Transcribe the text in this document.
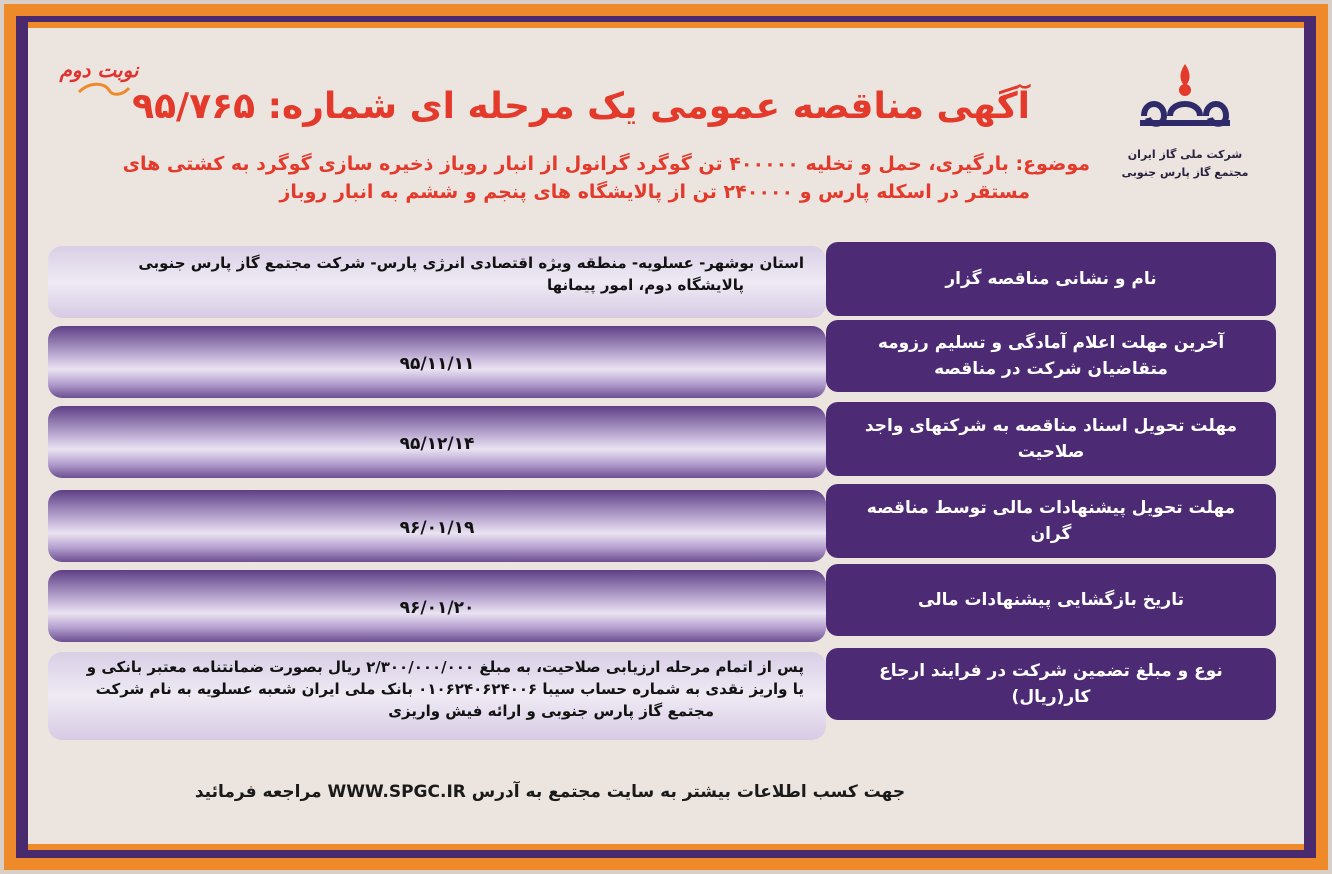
نوبت دوم
شرکت ملی گاز ایران
مجتمع گاز پارس جنوبی
آگهی مناقصه عمومی یک مرحله ای شماره: ۹۵/۷۶۵
موضوع: بارگیری، حمل و تخلیه ۴۰۰۰۰۰ تن گوگرد گرانول از انبار روباز ذخیره سازی گوگرد به کشتی های
مستقر در اسکله پارس و ۲۴۰۰۰۰ تن از پالایشگاه های پنجم و ششم به انبار روباز
نام و نشانی مناقصه گزار
استان بوشهر- عسلویه- منطقه ویژه اقتصادی انرژی پارس- شرکت مجتمع گاز پارس جنوبی
پالایشگاه دوم، امور پیمانها
آخرین مهلت اعلام آمادگی و تسلیم رزومه متقاضیان شرکت در مناقصه
۹۵/۱۱/۱۱
مهلت تحویل اسناد مناقصه به شرکتهای واجد صلاحیت
۹۵/۱۲/۱۴
مهلت تحویل پیشنهادات مالی توسط مناقصه گران
۹۶/۰۱/۱۹
تاریخ بازگشایی پیشنهادات مالی
۹۶/۰۱/۲۰
نوع و مبلغ تضمین شرکت در فرایند ارجاع کار(ریال)
پس از اتمام مرحله ارزیابی صلاحیت، به مبلغ ۲/۳۰۰/۰۰۰/۰۰۰ ریال بصورت ضمانتنامه معتبر بانکی و
یا واریز نقدی به شماره حساب سیبا ۰۱۰۶۲۴۰۶۲۴۰۰۶ بانک ملی ایران شعبه عسلویه به نام شرکت
مجتمع گاز پارس جنوبی و ارائه فیش واریزی
جهت کسب اطلاعات بیشتر به سایت مجتمع به آدرس WWW.SPGC.IR مراجعه فرمائید
